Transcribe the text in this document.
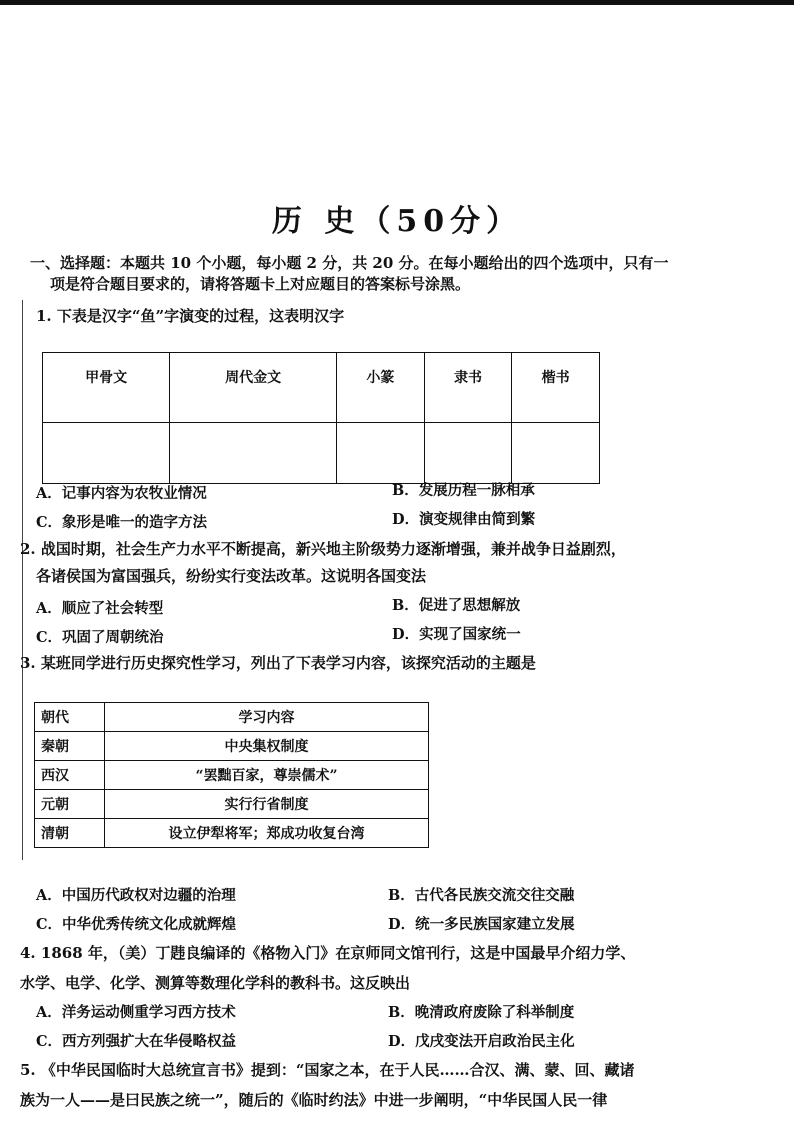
历 史（50分）
一、选择题：本题共 10 个小题，每小题 2 分，共 20 分。在每小题给出的四个选项中，只有一
项是符合题目要求的，请将答题卡上对应题目的答案标号涂黑。
1. 下表是汉字“鱼”字演变的过程，这表明汉字
甲骨文	周代金文	小篆	隶书	楷书

A．记事内容为农牧业情况	B．发展历程一脉相承
C．象形是唯一的造字方法	D．演变规律由简到繁
2. 战国时期，社会生产力水平不断提高，新兴地主阶级势力逐渐增强，兼并战争日益剧烈，
各诸侯国为富国强兵，纷纷实行变法改革。这说明各国变法
A．顺应了社会转型	B．促进了思想解放
C．巩固了周朝统治	D．实现了国家统一
3. 某班同学进行历史探究性学习，列出了下表学习内容，该探究活动的主题是
朝代	学习内容
秦朝	中央集权制度
西汉	“罢黜百家，尊崇儒术”
元朝	实行行省制度
清朝	设立伊犁将军；郑成功收复台湾
A．中国历代政权对边疆的治理	B．古代各民族交流交往交融
C．中华优秀传统文化成就辉煌	D．统一多民族国家建立发展
4. 1868 年，（美）丁韪良编译的《格物入门》在京师同文馆刊行，这是中国最早介绍力学、
水学、电学、化学、测算等数理化学科的教科书。这反映出
A．洋务运动侧重学习西方技术	B．晚清政府废除了科举制度
C．西方列强扩大在华侵略权益	D．戊戌变法开启政治民主化
5. 《中华民国临时大总统宣言书》提到：“国家之本，在于人民……合汉、满、蒙、回、藏诸
族为一人——是曰民族之统一”，随后的《临时约法》中进一步阐明，“中华民国人民一律
